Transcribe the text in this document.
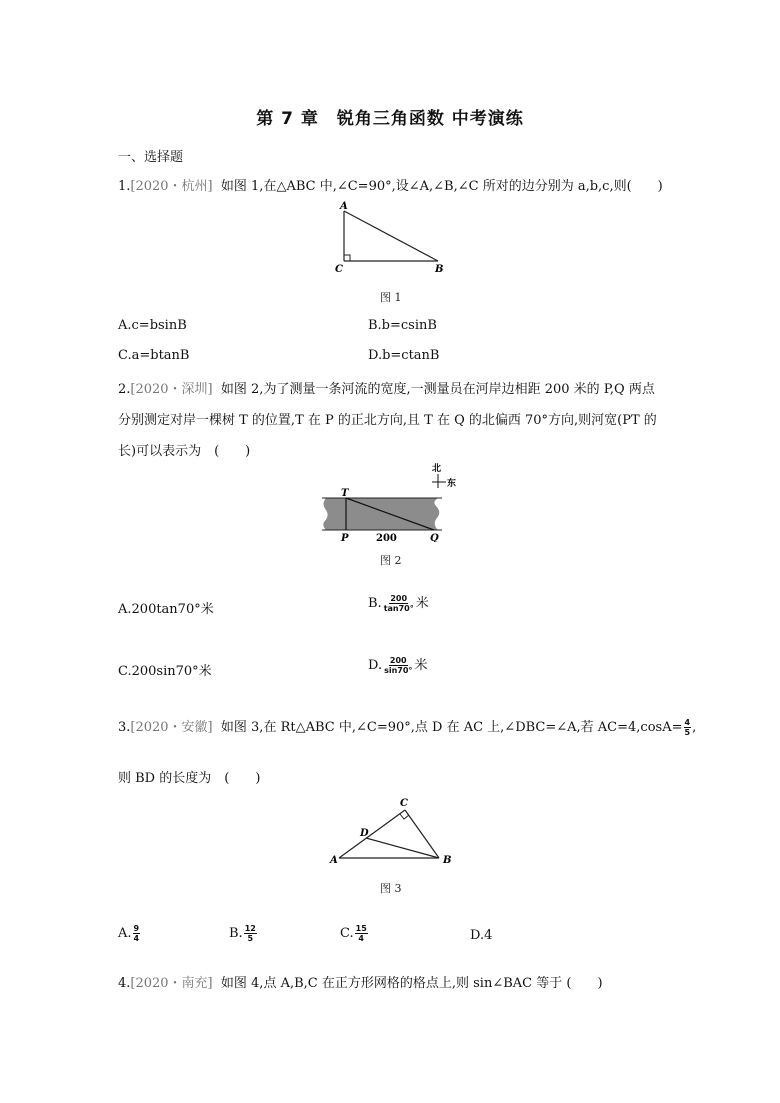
第 7 章　锐角三角函数 中考演练
一、选择题
1.[2020・杭州] 如图 1,在△ABC 中,∠C=90°,设∠A,∠B,∠C 所对的边分别为 a,b,c,则(　　)
A
C	B
图 1
A.c=bsinB	B.b=csinB
C.a=btanB	D.b=ctanB
2.[2020・深圳] 如图 2,为了测量一条河流的宽度,一测量员在河岸边相距 200 米的 P,Q 两点
分别测定对岸一棵树 T 的位置,T 在 P 的正北方向,且 T 在 Q 的北偏西 70°方向,则河宽(PT 的
长)可以表示为　(　　)
T
P	Q
200
北
东
图 2
A.200tan70°米	B. $\frac{200}{\tan 70^\circ}$ 米
C.200sin70°米	D. $\frac{200}{\sin 70^\circ}$ 米
3.[2020・安徽] 如图 3,在 Rt△ABC 中,∠C=90°,点 D 在 AC 上,∠DBC=∠A,若 $AC=4,\cos A= \frac{4}{5}$ ,
则 BD 的长度为　(　　)
A	B
C
D
图 3
A. $\frac{9}{4}$	B. $\frac{12}{5}$	C. $\frac{15}{4}$	D.4
4.[2020・南充] 如图 4,点 A,B,C 在正方形网格的格点上,则 sin∠BAC 等于 (　　)
